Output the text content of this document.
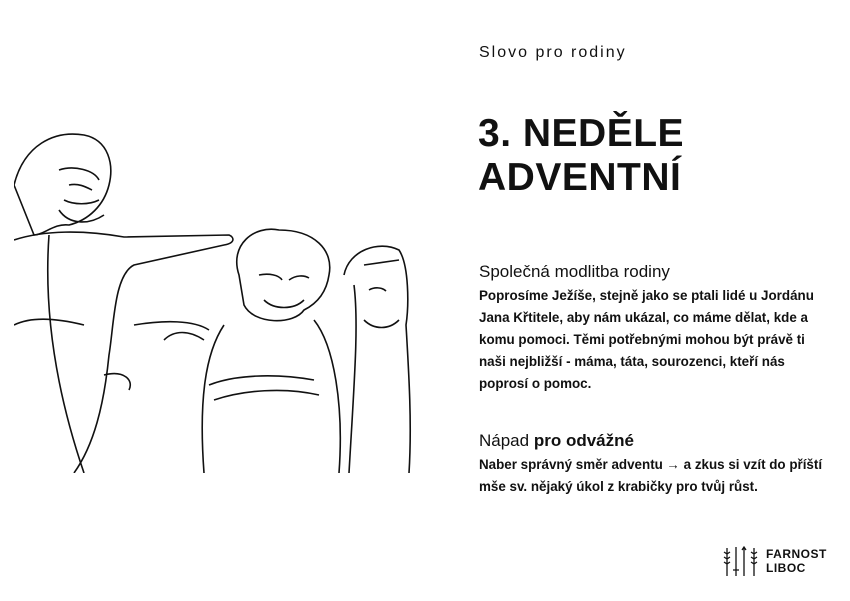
Slovo pro rodiny
3. NEDĚLE
ADVENTNÍ
Společná modlitba rodiny
Poprosíme Ježíše, stejně jako se ptali lidé u Jordánu Jana Křtitele, aby nám ukázal, co máme dělat, kde a komu pomoci. Těmi potřebnými mohou být právě ti naši nejbližší - máma, táta, sourozenci, kteří nás poprosí o pomoc.
Nápad pro odvážné
Naber správný směr adventu → a zkus si vzít do příští mše sv. nějaký úkol z krabičky pro tvůj růst.
FARNOST
LIBOC
